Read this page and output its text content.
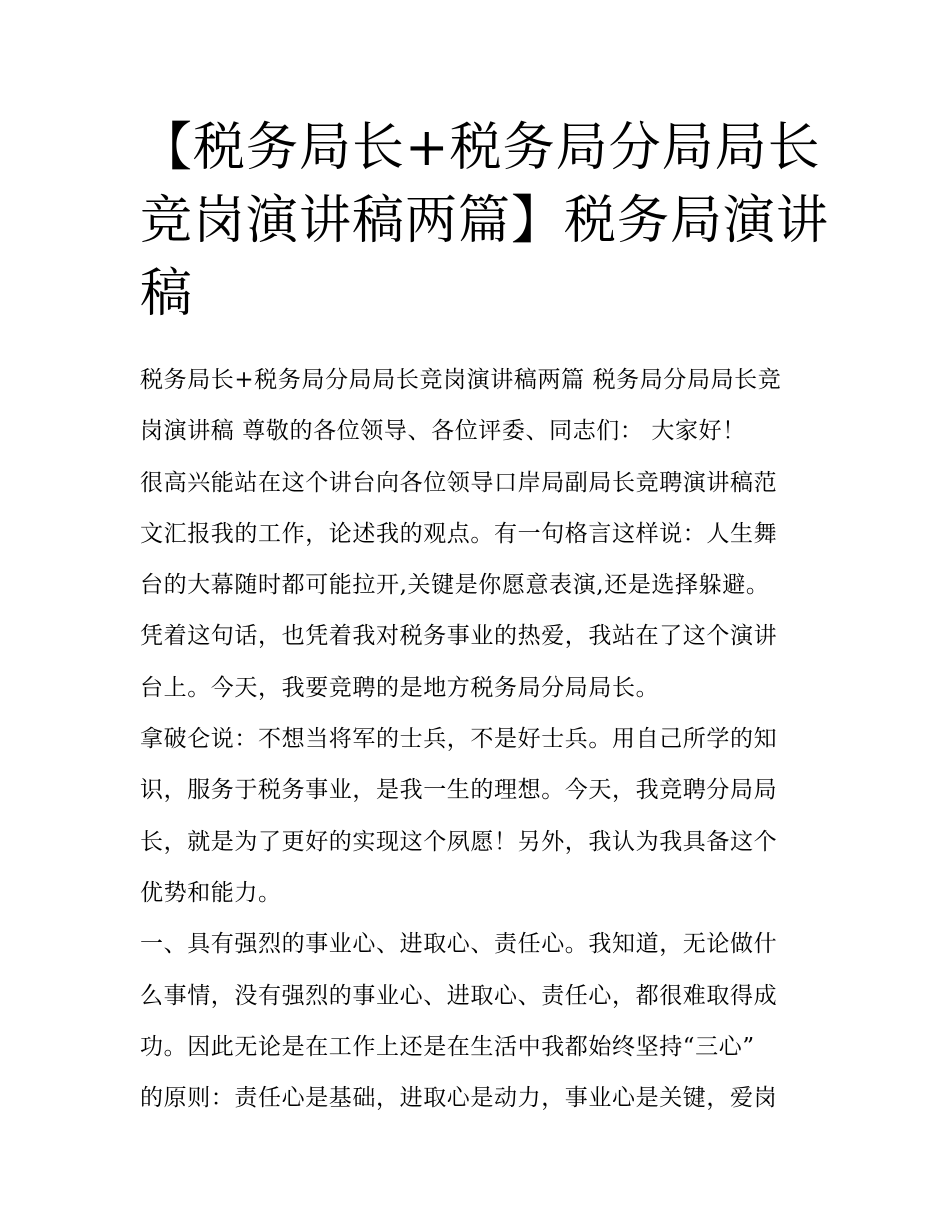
【税务局长+税务局分局局长
竞岗演讲稿两篇】税务局演讲
稿
税务局长+税务局分局局长竞岗演讲稿两篇 税务局分局局长竞
岗演讲稿 尊敬的各位领导、各位评委、同志们： 大家好！
很高兴能站在这个讲台向各位领导口岸局副局长竞聘演讲稿范
文汇报我的工作，论述我的观点。有一句格言这样说：人生舞
台的大幕随时都可能拉开,关键是你愿意表演,还是选择躲避。
凭着这句话，也凭着我对税务事业的热爱，我站在了这个演讲
台上。今天，我要竞聘的是地方税务局分局局长。
拿破仑说：不想当将军的士兵，不是好士兵。用自己所学的知
识，服务于税务事业，是我一生的理想。今天，我竞聘分局局
长，就是为了更好的实现这个夙愿！另外，我认为我具备这个
优势和能力。
一、具有强烈的事业心、进取心、责任心。我知道，无论做什
么事情，没有强烈的事业心、进取心、责任心，都很难取得成
功。因此无论是在工作上还是在生活中我都始终坚持“三心”
的原则：责任心是基础，进取心是动力，事业心是关键，爱岗
